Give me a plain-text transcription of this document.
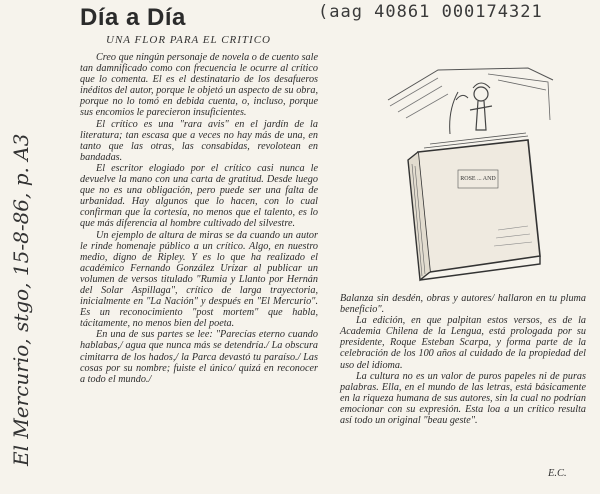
El Mercurio, stgo, 15-8-86, p. A3
Día a Día
UNA FLOR PARA EL CRITICO
(aag 40861 000174321

Creo que ningún personaje de novela o de cuento sale tan damnificado como con frecuencia le ocurre al crítico que lo comenta. El es el destinatario de los desafueros inéditos del autor, porque le objetó un aspecto de su obra, porque no lo tomó en debida cuenta, o, incluso, porque sus encomios le parecieron insuficientes.

El crítico es una "rara avis" en el jardín de la literatura; tan escasa que a veces no hay más de una, en tanto que las otras, las consabidas, revolotean en bandadas.

El escritor elogiado por el crítico casi nunca le devuelve la mano con una carta de gratitud. Desde luego que no es una obligación, pero puede ser una falta de urbanidad. Hay algunos que lo hacen, con lo cual confirman que la cortesía, no menos que el talento, es lo que más diferencia al hombre cultivado del silvestre.

Un ejemplo de altura de miras se da cuando un autor le rinde homenaje público a un crítico. Algo, en nuestro medio, digno de Ripley. Y es lo que ha realizado el académico Fernando González Urízar al publicar un volumen de versos titulado "Rumia y Llanto por Hernán del Solar Aspillaga", crítico de larga trayectoria, inicialmente en "La Nación" y después en "El Mercurio". Es un reconocimiento "post mortem" que habla, tácitamente, no menos bien del poeta.

En una de sus partes se lee: "Parecías eterno cuando hablabas,/ agua que nunca más se detendría./ La obscura cimitarra de los hados,/ la Parca devastó tu paraíso./ Las cosas por su nombre; fuiste el único/ quizá en reconocer a todo el mundo./

ROSE ... AND

Balanza sin desdén, obras y autores/ hallaron en tu pluma beneficio".

La edición, en que palpitan estos versos, es de la Academia Chilena de la Lengua, está prologada por su presidente, Roque Esteban Scarpa, y forma parte de la celebración de los 100 años al cuidado de la propiedad del uso del idioma.

La cultura no es un valor de puros papeles ni de puras palabras. Ella, en el mundo de las letras, está básicamente en la riqueza humana de sus autores, sin la cual no podrían emocionar con su expresión. Esta loa a un crítico resulta así todo un original "beau geste".

E.C.
